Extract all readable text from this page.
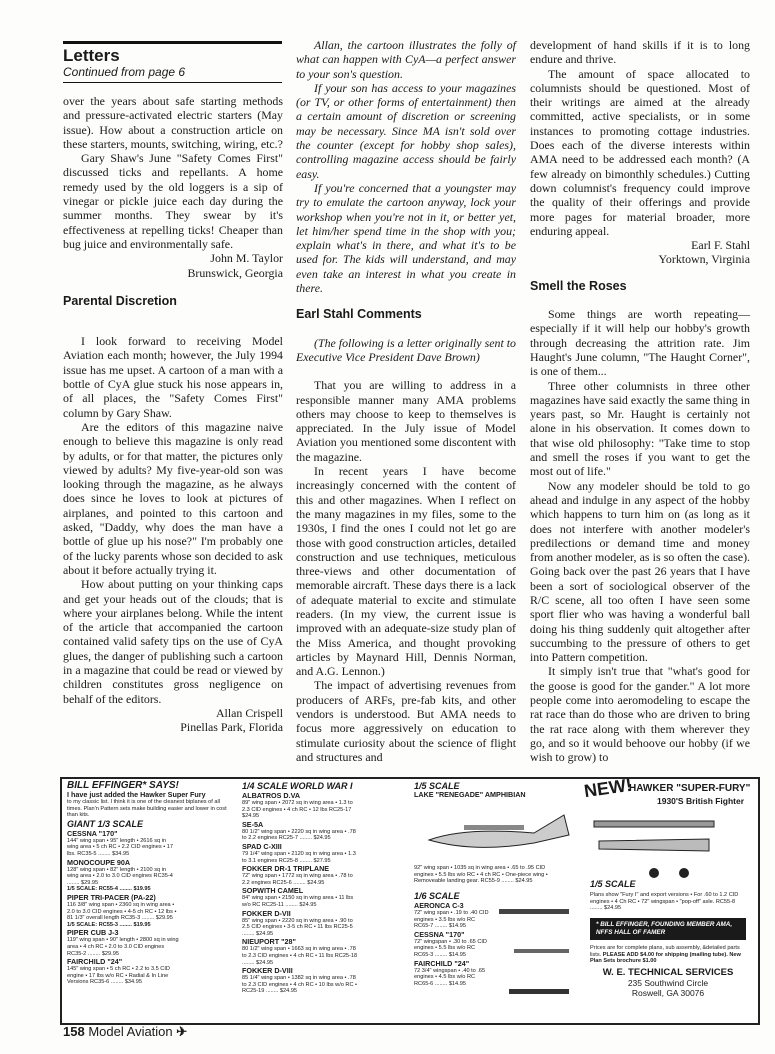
Letters
Continued from page 6

over the years about safe starting methods and pressure-activated electric starters (May issue). How about a construction article on these starters, mounts, switching, wiring, etc.?

Gary Shaw's June "Safety Comes First" discussed ticks and repellants. A home remedy used by the old loggers is a sip of vinegar or pickle juice each day during the summer months. They swear by it's effectiveness at repelling ticks! Cheaper than bug juice and environmentally safe.

John M. Taylor

Brunswick, Georgia

Parental Discretion

I look forward to receiving Model Aviation each month; however, the July 1994 issue has me upset. A cartoon of a man with a bottle of CyA glue stuck his nose appears in, of all places, the "Safety Comes First" column by Gary Shaw.

Are the editors of this magazine naive enough to believe this magazine is only read by adults, or for that matter, the pictures only viewed by adults? My five-year-old son was looking through the magazine, as he always does since he loves to look at pictures of airplanes, and pointed to this cartoon and asked, "Daddy, why does the man have a bottle of glue up his nose?" I'm probably one of the lucky parents whose son decided to ask about it before actually trying it.

How about putting on your thinking caps and get your heads out of the clouds; that is where your airplanes belong. While the intent of the article that accompanied the cartoon contained valid safety tips on the use of CyA glues, the danger of publishing such a cartoon in a magazine that could be read or viewed by children constitutes gross negligence on behalf of the editors.

Allan Crispell

Pinellas Park, Florida

Allan, the cartoon illustrates the folly of what can happen with CyA—a perfect answer to your son's question.

If your son has access to your magazines (or TV, or other forms of entertainment) then a certain amount of discretion or screening may be necessary. Since MA isn't sold over the counter (except for hobby shop sales), controlling magazine access should be fairly easy.

If you're concerned that a youngster may try to emulate the cartoon anyway, lock your workshop when you're not in it, or better yet, let him/her spend time in the shop with you; explain what's in there, and what it's to be used for. The kids will understand, and may even take an interest in what you create in there.

Earl Stahl Comments

(The following is a letter originally sent to Executive Vice President Dave Brown)

That you are willing to address in a responsible manner many AMA problems others may choose to keep to themselves is appreciated. In the July issue of Model Aviation you mentioned some discontent with the magazine.

In recent years I have become increasingly concerned with the content of this and other magazines. When I reflect on the many magazines in my files, some to the 1930s, I find the ones I could not let go are those with good construction articles, detailed construction and use techniques, meticulous three-views and other documentation of memorable aircraft. These days there is a lack of adequate material to excite and stimulate readers. (In my view, the current issue is improved with an adequate-size study plan of the Miss America, and thought provoking articles by Maynard Hill, Dennis Norman, and A.G. Lennon.)

The impact of advertising revenues from producers of ARFs, pre-fab kits, and other vendors is understood. But AMA needs to focus more aggressively on education to stimulate curiosity about the science of flight and structures and

development of hand skills if it is to long endure and thrive.

The amount of space allocated to columnists should be questioned. Most of their writings are aimed at the already committed, active specialists, or in some instances to promoting cottage industries. Does each of the diverse interests within AMA need to be addressed each month? (A few already on bimonthly schedules.) Cutting down columnist's frequency could improve the quality of their offerings and provide more pages for material broader, more enduring appeal.

Earl F. Stahl

Yorktown, Virginia

Smell the Roses

Some things are worth repeating—especially if it will help our hobby's growth through decreasing the attrition rate. Jim Haught's June column, "The Haught Corner", is one of them...

Three other columnists in three other magazines have said exactly the same thing in years past, so Mr. Haught is certainly not alone in his observation. It comes down to that wise old philosophy: "Take time to stop and smell the roses if you want to get the most out of life."

Now any modeler should be told to go ahead and indulge in any aspect of the hobby which happens to turn him on (as long as it does not interfere with another modeler's predilections or demand time and money from another modeler, as is so often the case). Going back over the past 26 years that I have been a sort of sociological observer of the R/C scene, all too often I have seen some sport flier who was having a wonderful ball doing his thing suddenly quit altogether after succumbing to the pressure of others to get into Pattern competition.

It simply isn't true that "what's good for the goose is good for the gander." A lot more people come into aeromodeling to escape the rat race than do those who are driven to bring the rat race along with them wherever they go, and so it would behoove our hobby (if we wish to grow) to

BILL EFFINGER* SAYS!
I have just added the Hawker Super Fury
to my classic list. I think it is one of the cleanest biplanes of all times. Plan'n Pattern sets make building easier and lower in cost than kits.
GIANT 1/3 SCALE
CESSNA "170"
144" wing span • 95" length • 2616 sq in wing area • 5 ch RC • 2.2 CID engines • 17 lbs. RC35-5 ........ $34.95
MONOCOUPE 90A
128" wing span • 82" length • 2100 sq in wing area • 2.0 to 3.0 CID engines RC35-4 ........ $29.95
1/5 SCALE: RC55-4 ........ $19.95
PIPER TRI-PACER (PA-22)
116 3/8" wing span • 2360 sq in wing area • 2.0 to 3.0 CID engines • 4-5 ch RC • 12 lbs • 81 1/3" overall length RC35-3 ........ $29.95
1/5 SCALE: RC55-3 ........ $19.95
PIPER CUB J-3
119" wing span • 90" length • 2800 sq in wing area • 4 ch RC • 2.0 to 3.0 CID engines RC35-2 ........ $29.95
FAIRCHILD "24"
145" wing span • 5 ch RC • 2.2 to 3.5 CID engine • 17 lbs w/o RC • Radial & In Line Versions RC35-6 ........ $34.95
1/4 SCALE WORLD WAR I
ALBATROS D.VA
89" wing span • 2072 sq in wing area • 1.3 to 2.3 CID engines • 4 ch RC • 12 lbs RC25-17 $24.95
SE-5A
80 1/2" wing span • 2220 sq in wing area • .78 to 2.2 engines RC25-7 ........ $24.95
SPAD C-XIII
79 1/4" wing span • 2120 sq in wing area • 1.3 to 3.1 engines RC25-8 ........ $27.95
FOKKER DR-1 TRIPLANE
72" wing span • 1772 sq in wing area • .78 to 2.2 engines RC25-6 ........ $24.95
SOPWITH CAMEL
84" wing span • 2150 sq in wing area • 11 lbs w/o RC RC25-11 ........ $24.95
FOKKER D-VII
85" wing span • 2220 sq in wing area • .90 to 2.5 CID engines • 3-5 ch RC • 11 lbs RC25-5 ........ $24.95
NIEUPORT "28"
80 1/2" wing span • 1663 sq in wing area • .78 to 2.3 CID engines • 4 ch RC • 11 lbs RC25-18 ........ $24.95
FOKKER D-VIII
85 1/4" wing span • 1382 sq in wing area • .78 to 2.3 CID engines • 4 ch RC • 10 lbs w/o RC • RC25-19 ........ $24.95
1/5 SCALE
LAKE "RENEGADE" AMPHIBIAN
92" wing span • 1035 sq in wing area • .65 to .95 CID engines • 5.5 lbs w/o RC • 4 ch RC • One-piece wing • Removeable landing gear. RC55-9 ........ $24.95
1/6 SCALE
AERONCA C-3
72" wing span • .19 to .40 CID engines • 3.5 lbs w/o RC RC65-7 ........ $14.95
CESSNA "170"
72" wingspan • .30 to .65 CID engines • 5.5 lbs w/o RC RC65-3 ........ $14.95
FAIRCHILD "24"
72 3/4" wingspan • .40 to .65 engines • 4.5 lbs w/o RC RC65-6 ........ $14.95
NEW!
HAWKER "SUPER-FURY"
1930'S British Fighter
1/5 SCALE
Plans show "Fury I" and export versions • For .60 to 1.2 CID engines • 4 Ch RC • 72" wingspan • "pop-off" axle. RC55-8 ........ $24.95
* BILL EFFINGER, FOUNDING MEMBER AMA, NFFS HALL OF FAMER
Prices are for complete plans, sub assembly, &detailed parts lists. PLEASE ADD $4.00 for shipping (mailing tube). New Plan Sets brochure $1.00
W. E. TECHNICAL SERVICES
235 Southwind Circle
Roswell, GA 30076
158 Model Aviation ✈
